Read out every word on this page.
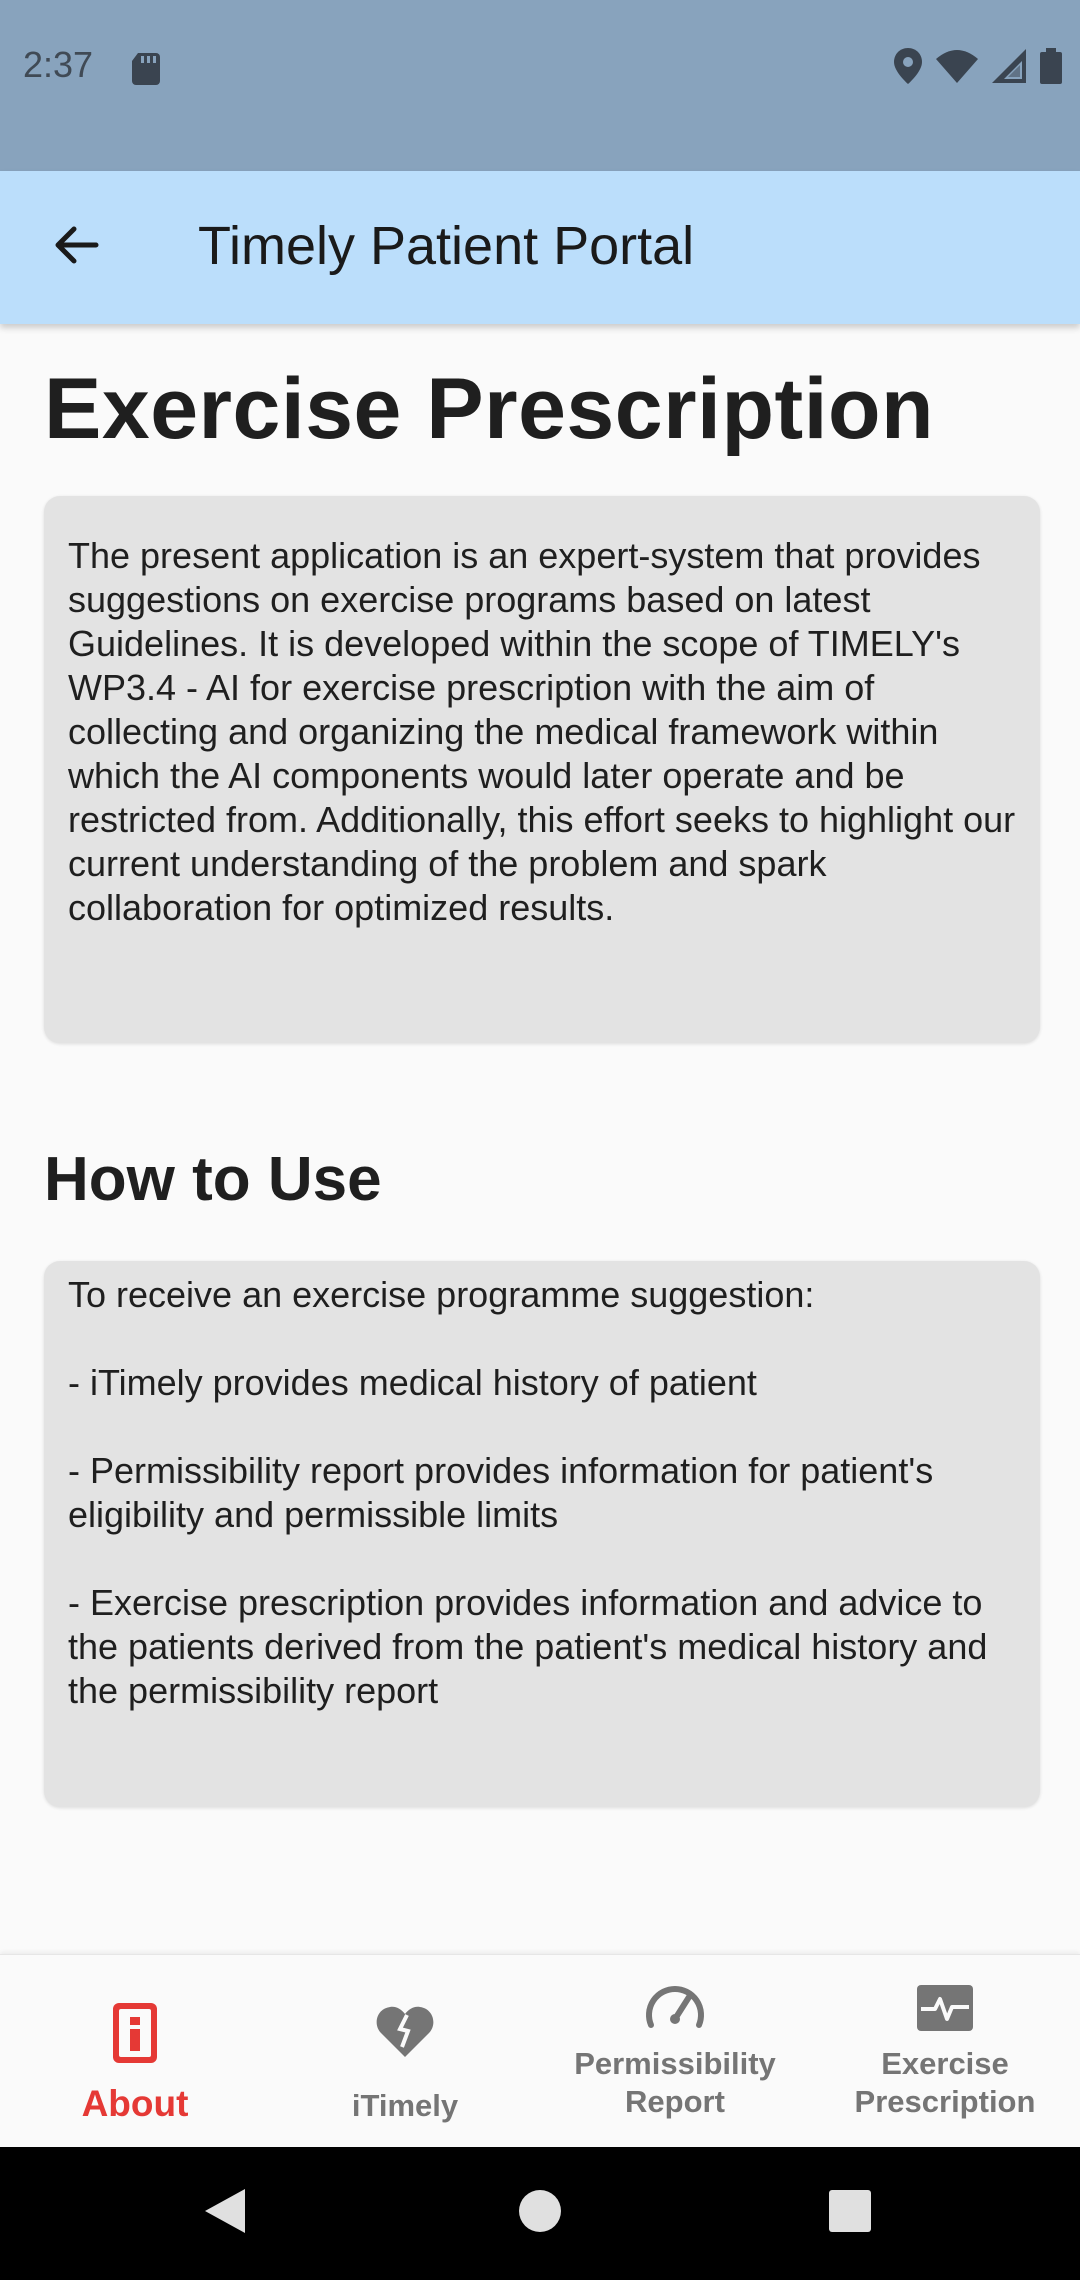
2:37
Timely Patient Portal
Exercise Prescription
The present application is an expert-system that provides suggestions on exercise programs based on latest Guidelines. It is developed within the scope of TIMELY's WP3.4 - AI for exercise prescription with the aim of collecting and organizing the medical framework within which the AI components would later operate and be restricted from. Additionally, this effort seeks to highlight our current understanding of the problem and spark collaboration for optimized results.
How to Use
To receive an exercise programme suggestion:

- iTimely provides medical history of patient

- Permissibility report provides information for patient's eligibility and permissible limits

- Exercise prescription provides information and advice to the patients derived from the patient's medical history and the permissibility report
About	iTimely
Permissibility
Report
Exercise
Prescription
